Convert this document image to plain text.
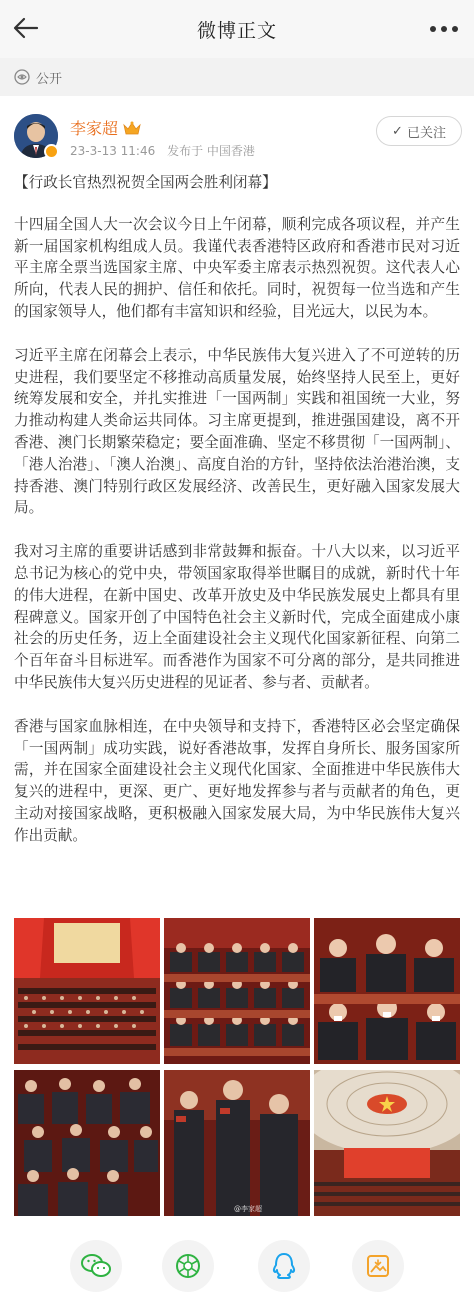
微博正文
公开
李家超
23-3-13 11:46 发布于 中国香港
✓ 已关注

【行政长官热烈祝贺全国两会胜利闭幕】

十四届全国人大一次会议今日上午闭幕，顺利完成各项议程，并产生新一届国家机构组成人员。我谨代表香港特区政府和香港市民对习近平主席全票当选国家主席、中央军委主席表示热烈祝贺。这代表人心所向，代表人民的拥护、信任和依托。同时，祝贺每一位当选和产生的国家领导人，他们都有丰富知识和经验，目光远大，以民为本。

习近平主席在闭幕会上表示，中华民族伟大复兴进入了不可逆转的历史进程，我们要坚定不移推动高质量发展，始终坚持人民至上，更好统筹发展和安全，并扎实推进「一国两制」实践和祖国统一大业，努力推动构建人类命运共同体。习主席更提到，推进强国建设，离不开香港、澳门长期繁荣稳定；要全面准确、坚定不移贯彻「一国两制」、「港人治港」、「澳人治澳」、高度自治的方针，坚持依法治港治澳，支持香港、澳门特别行政区发展经济、改善民生，更好融入国家发展大局。

我对习主席的重要讲话感到非常鼓舞和振奋。十八大以来，以习近平总书记为核心的党中央，带领国家取得举世瞩目的成就，新时代十年的伟大进程，在新中国史、改革开放史及中华民族发展史上都具有里程碑意义。国家开创了中国特色社会主义新时代，完成全面建成小康社会的历史任务，迈上全面建设社会主义现代化国家新征程、向第二个百年奋斗目标进军。而香港作为国家不可分离的部分，是共同推进中华民族伟大复兴历史进程的见证者、参与者、贡献者。

香港与国家血脉相连，在中央领导和支持下，香港特区必会坚定确保「一国两制」成功实践，说好香港故事，发挥自身所长、服务国家所需，并在国家全面建设社会主义现代化国家、全面推进中华民族伟大复兴的进程中，更深、更广、更好地发挥参与者与贡献者的角色，更主动对接国家战略，更积极融入国家发展大局，为中华民族伟大复兴作出贡献。

@李家超
